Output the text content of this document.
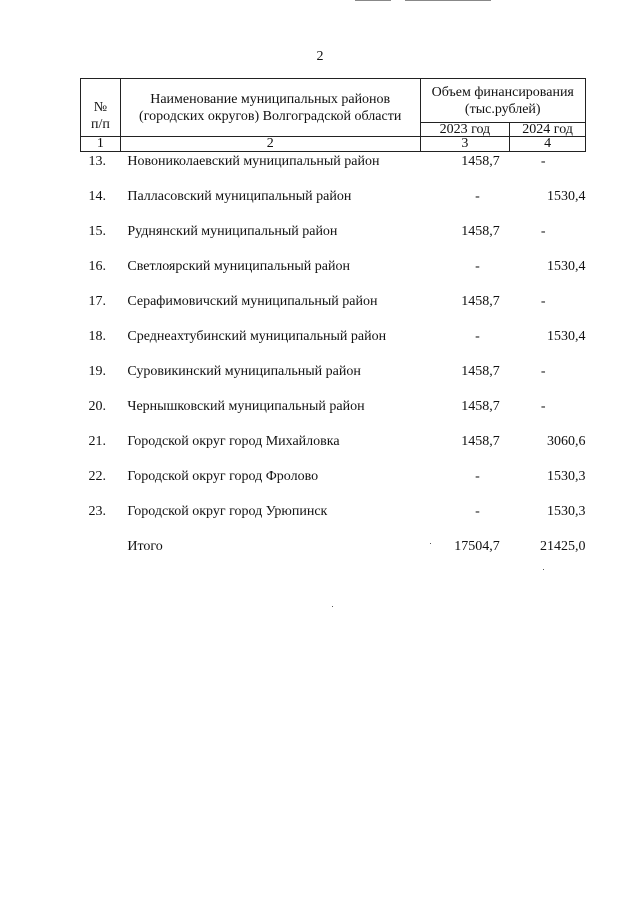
2

№
п/п	Наименование муниципальных районов (городских округов) Волгоградской области	Объем финансирования (тыс.рублей)	
		2023 год	2024 год
1	2	3	4
13.	Новониколаевский муниципальный район	1458,7	-
14.	Палласовский муниципальный район	-	1530,4
15.	Руднянский муниципальный район	1458,7	-
16.	Светлоярский муниципальный район	-	1530,4
17.	Серафимовичский муниципальный район	1458,7	-
18.	Среднеахтубинский муниципальный район	-	1530,4
19.	Суровикинский муниципальный район	1458,7	-
20.	Чернышковский муниципальный район	1458,7	-
21.	Городской округ город Михайловка	1458,7	3060,6
22.	Городской округ город Фролово	-	1530,3
23.	Городской округ город Урюпинск	-	1530,3
	Итого	17504,7	21425,0
